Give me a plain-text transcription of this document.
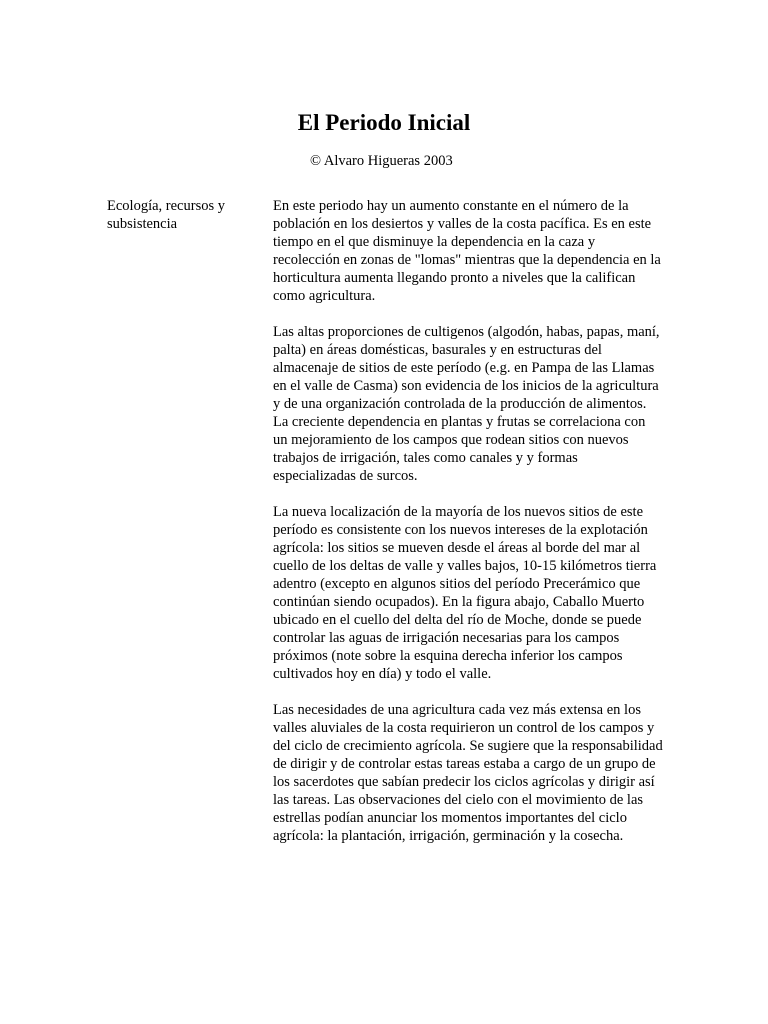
El Periodo Inicial
© Alvaro Higueras 2003
Ecología, recursos y subsistencia

En este periodo hay un aumento constante en el número de la población en los desiertos y valles de la costa pacífica. Es en este tiempo en el que disminuye la dependencia en la caza y recolección en zonas de "lomas" mientras que la dependencia en la horticultura aumenta llegando pronto a niveles que la califican como agricultura.

Las altas proporciones de cultigenos (algodón, habas, papas, maní, palta) en áreas domésticas, basurales y en estructuras del almacenaje de sitios de este período (e.g. en Pampa de las Llamas en el valle de Casma) son evidencia de los inicios de la agricultura y de una organización controlada de la producción de alimentos. La creciente dependencia en plantas y frutas se correlaciona con un mejoramiento de los campos que rodean sitios con nuevos trabajos de irrigación, tales como canales y y formas especializadas de surcos.

La nueva localización de la mayoría de los nuevos sitios de este período es consistente con los nuevos intereses de la explotación agrícola: los sitios se mueven desde el áreas al borde del mar al cuello de los deltas de valle y valles bajos, 10-15 kilómetros tierra adentro (excepto en algunos sitios del período Precerámico que continúan siendo ocupados). En la figura abajo, Caballo Muerto ubicado en el cuello del delta del río de Moche, donde se puede controlar las aguas de irrigación necesarias para los campos próximos (note sobre la esquina derecha inferior los campos cultivados hoy en día) y todo el valle.

Las necesidades de una agricultura cada vez más extensa en los valles aluviales de la costa requirieron un control de los campos y del ciclo de crecimiento agrícola. Se sugiere que la responsabilidad de dirigir y de controlar estas tareas estaba a cargo de un grupo de los sacerdotes que sabían predecir los ciclos agrícolas y dirigir así las tareas. Las observaciones del cielo con el movimiento de las estrellas podían anunciar los momentos importantes del ciclo agrícola: la plantación, irrigación, germinación y la cosecha.
